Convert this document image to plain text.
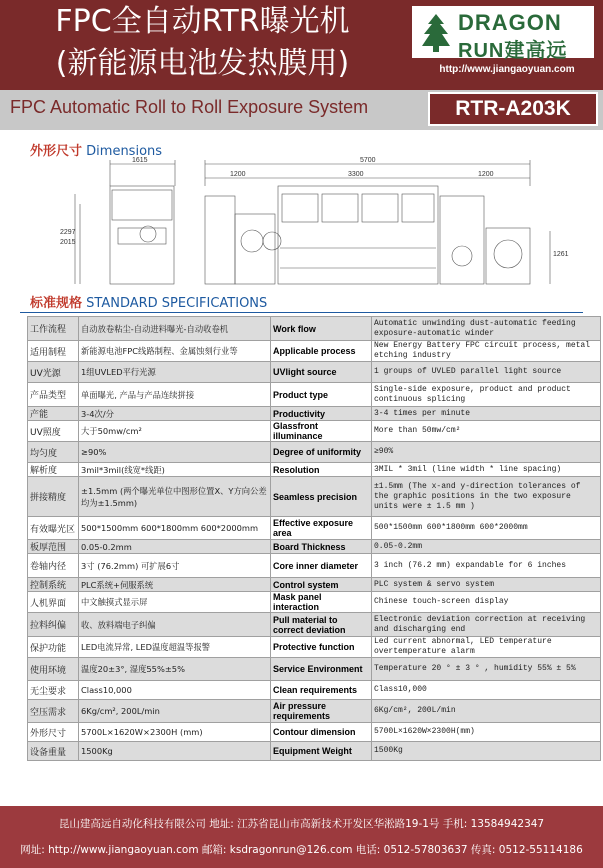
FPC全自动RTR曝光机
(新能源电池发热膜用)
DRAGON
RUN建高远
http://www.jiangaoyuan.com
FPC Automatic Roll to Roll Exposure System	RTR-A203K
外形尺寸 Dimensions
1615	5700
1200	3300	1200
2297
2015
1261
标准规格 STANDARD SPECIFICATIONS
工作流程	自动放卷粘尘-自动进料曝光-自动收卷机	Work flow	Automatic unwinding dust-automatic feeding exposure-automatic winder
适用制程	新能源电池FPC线路制程、金属蚀刻行业等	Applicable process	New Energy Battery FPC circuit process, metal etching industry
UV光源	1组UVLED平行光源	UVlight source	1 groups of UVLED parallel light source
产品类型	单面曝光, 产品与产品连续拼接	Product type	Single-side exposure, product and product continuous splicing
产能	3-4次/分	Productivity	3-4 times per minute
UV照度	大于50mw/cm²	Glassfront illuminance	More than 50mw/cm²
均匀度	≥90%	Degree of uniformity	≥90%
解析度	3mil*3mil(线宽*线距)	Resolution	3MIL * 3mil (line width * line spacing)
拼接精度	±1.5mm (两个曝光单位中图形位置X、Y方向公差均为±1.5mm)	Seamless precision	±1.5mm (The x-and y-direction tolerances of the graphic positions in the two exposure units were ± 1.5 mm )
有效曝光区	500*1500mm 600*1800mm 600*2000mm	Effective exposure area	500*1500mm 600*1800mm 600*2000mm
板厚范围	0.05-0.2mm	Board Thickness	0.05-0.2mm
卷轴内径	3寸 (76.2mm) 可扩展6寸	Core inner diameter	3 inch (76.2 mm) expandable for 6 inches
控制系统	PLC系统+伺服系统	Control system	PLC system & servo system
人机界面	中文触摸式显示屏	Mask panel interaction	Chinese touch-screen display
拉料纠偏	收、放料端电子纠偏	Pull material to correct deviation	Electronic deviation correction at receiving and discharging end
保护功能	LED电流异常, LED温度超温等报警	Protective function	Led current abnormal, LED temperature overtemperature alarm
使用环境	温度20±3°, 湿度55%±5%	Service Environment	Temperature 20 ° ± 3 ° , humidity 55% ± 5%
无尘要求	Class10,000	Clean requirements	Class10,000
空压需求	6Kg/cm², 200L/min	Air pressure requirements	6Kg/cm², 200L/min
外形尺寸	5700L×1620W×2300H (mm)	Contour dimension	5700L×1620W×2300H(mm)
设备重量	1500Kg	Equipment Weight	1500Kg
昆山建高远自动化科技有限公司 地址: 江苏省昆山市高新技术开发区华淞路19-1号 手机: 13584942347
网址: http://www.jiangaoyuan.com 邮箱: ksdragonrun@126.com 电话: 0512-57803637 传真: 0512-55114186
